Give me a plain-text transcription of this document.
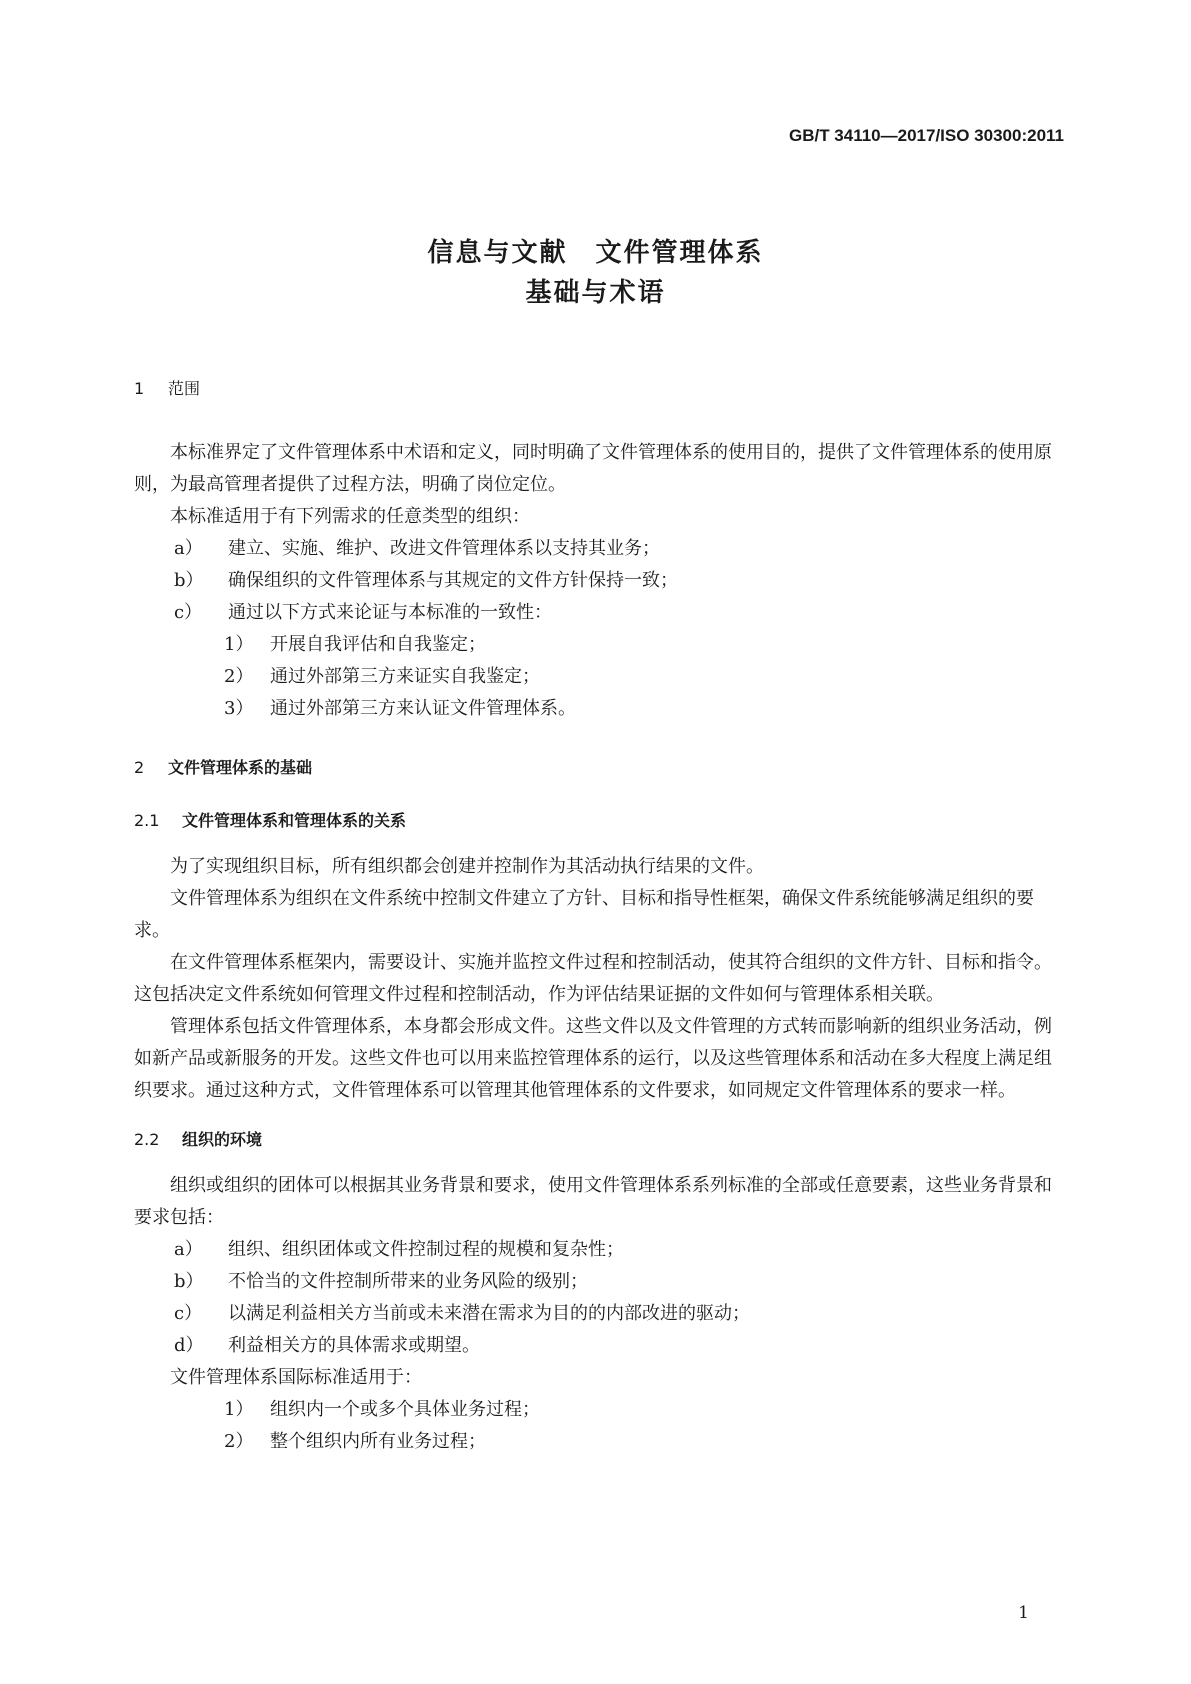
GB/T 34110—2017/ISO 30300:2011
信息与文献　文件管理体系
基础与术语
1 范围

本标准界定了文件管理体系中术语和定义，同时明确了文件管理体系的使用目的，提供了文件管理体系的使用原则，为最高管理者提供了过程方法，明确了岗位定位。

本标准适用于有下列需求的任意类型的组织：

a） 建立、实施、维护、改进文件管理体系以支持其业务；
b） 确保组织的文件管理体系与其规定的文件方针保持一致；
c） 通过以下方式来论证与本标准的一致性：
1） 开展自我评估和自我鉴定；
2） 通过外部第三方来证实自我鉴定；
3） 通过外部第三方来认证文件管理体系。
2 文件管理体系的基础
2.1 文件管理体系和管理体系的关系

为了实现组织目标，所有组织都会创建并控制作为其活动执行结果的文件。

文件管理体系为组织在文件系统中控制文件建立了方针、目标和指导性框架，确保文件系统能够满足组织的要求。

在文件管理体系框架内，需要设计、实施并监控文件过程和控制活动，使其符合组织的文件方针、目标和指令。这包括决定文件系统如何管理文件过程和控制活动，作为评估结果证据的文件如何与管理体系相关联。

管理体系包括文件管理体系，本身都会形成文件。这些文件以及文件管理的方式转而影响新的组织业务活动，例如新产品或新服务的开发。这些文件也可以用来监控管理体系的运行，以及这些管理体系和活动在多大程度上满足组织要求。通过这种方式，文件管理体系可以管理其他管理体系的文件要求，如同规定文件管理体系的要求一样。

2.2 组织的环境

组织或组织的团体可以根据其业务背景和要求，使用文件管理体系系列标准的全部或任意要素，这些业务背景和要求包括：

a） 组织、组织团体或文件控制过程的规模和复杂性；
b） 不恰当的文件控制所带来的业务风险的级别；
c） 以满足利益相关方当前或未来潜在需求为目的的内部改进的驱动；
d） 利益相关方的具体需求或期望。

文件管理体系国际标准适用于：

1） 组织内一个或多个具体业务过程；
2） 整个组织内所有业务过程；
1
